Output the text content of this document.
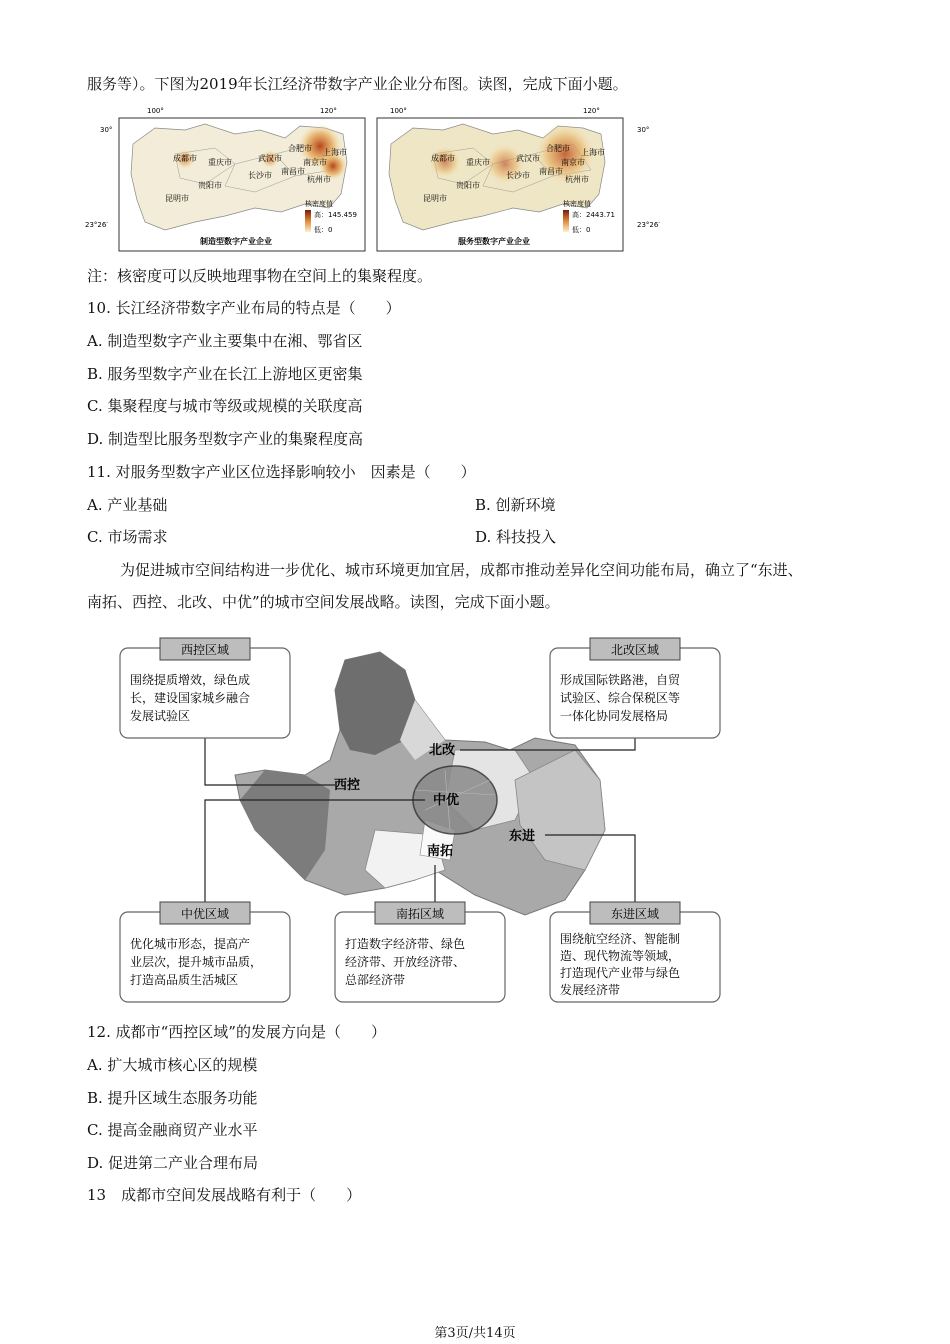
服务等）。下图为2019年长江经济带数字产业企业分布图。读图，完成下面小题。
100°	120°
30°
23°26′
100°	120°
30°
23°26′
成都市 重庆市	武汉市
合肥市 上海市
南京市
长沙市 南昌市
贵阳市
杭州市
昆明市
核密度值
高：145.459
低：0
制造型数字产业企业
成都市 重庆市	武汉市
合肥市 上海市
南京市
长沙市 南昌市
贵阳市
杭州市
昆明市
核密度值
高：2443.71
低：0
服务型数字产业企业
注：核密度可以反映地理事物在空间上的集聚程度。
10. 长江经济带数字产业布局的特点是（　　）
A. 制造型数字产业主要集中在湘、鄂省区
B. 服务型数字产业在长江上游地区更密集
C. 集聚程度与城市等级或规模的关联度高
D. 制造型比服务型数字产业的集聚程度高
11. 对服务型数字产业区位选择影响较小　因素是（　　）
A. 产业基础	B. 创新环境
C. 市场需求	D. 科技投入
为促进城市空间结构进一步优化、城市环境更加宜居，成都市推动差异化空间功能布局，确立了“东进、
南拓、西控、北改、中优”的城市空间发展战略。读图，完成下面小题。
西控
北改
中优
南拓
东进
西控区域
围绕提质增效，绿色成
长，建设国家城乡融合
发展试验区
北改区域
形成国际铁路港，自贸
试验区、综合保税区等
一体化协同发展格局
中优区域
优化城市形态，提高产
业层次，提升城市品质，
打造高品质生活城区
南拓区域
打造数字经济带、绿色
经济带、开放经济带、
总部经济带
东进区域
围绕航空经济、智能制
造、现代物流等领域，
打造现代产业带与绿色
发展经济带
12. 成都市“西控区域”的发展方向是（　　）
A. 扩大城市核心区的规模
B. 提升区域生态服务功能
C. 提高金融商贸产业水平
D. 促进第二产业合理布局
13　成都市空间发展战略有利于（　　）
第3页/共14页
